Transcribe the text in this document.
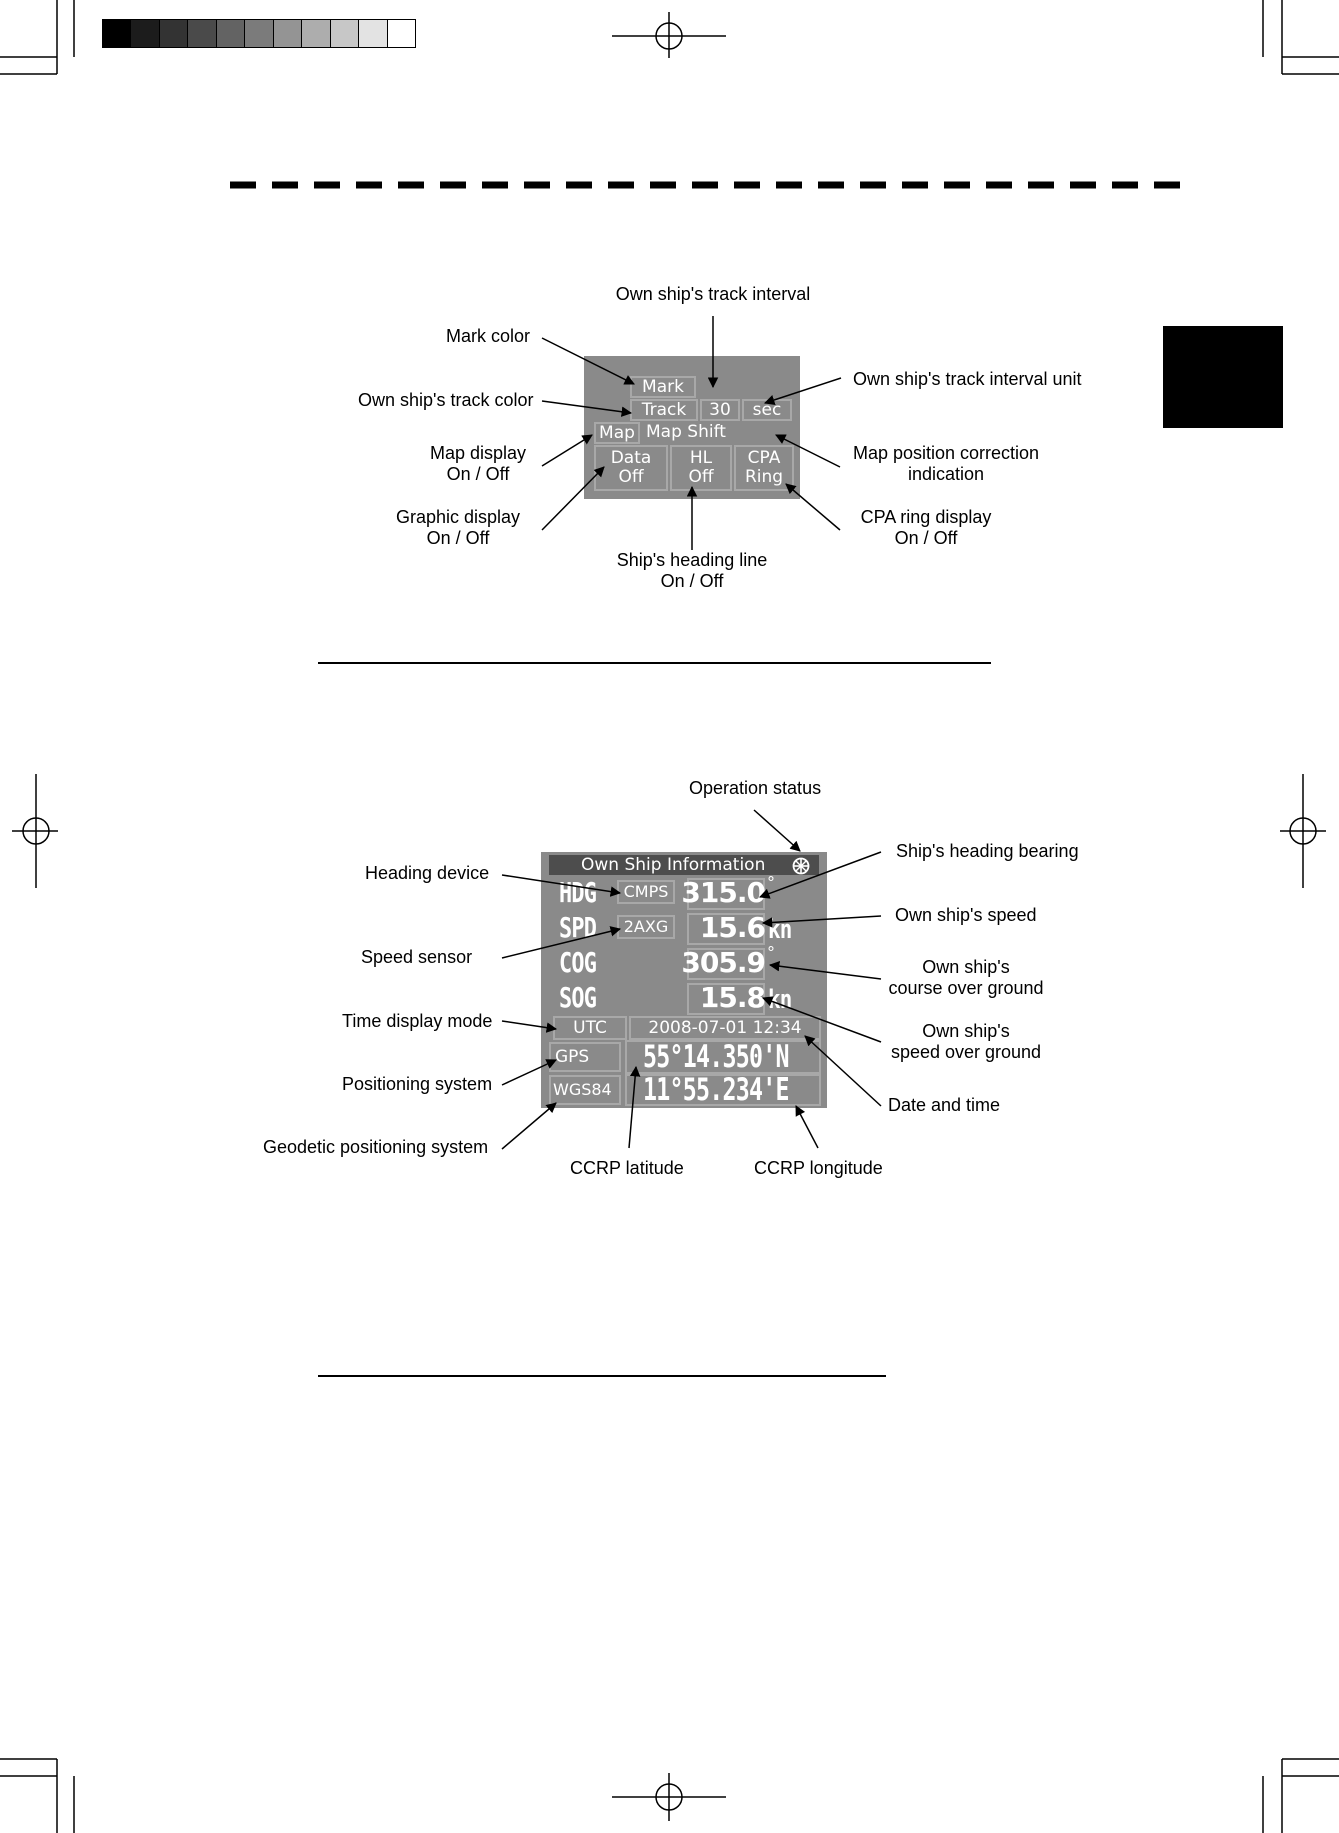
Mark
Track	30	sec
Map Map Shift
Data
Off
HL
Off
CPA
Ring
Own ship's track interval
Mark color
Own ship's track color
Own ship's track interval unit
Map display
On / Off
Map position correction
indication
Graphic display
On / Off
CPA ring display
On / Off
Ship's heading line
On / Off
Own Ship Information
HDG	CMPS 315.0 °
SPD	2AXG	15.6 kn
COG	305.9 °
SOG	15.8 kn
UTC	2008-07-01 12:34
GPS	55°14.350'N
WGS84 11°55.234'E
Operation status
Heading device
Ship's heading bearing
Own ship's speed
Speed sensor	Own ship's
course over ground
Time display mode	Own ship's
speed over ground
Positioning system
Date and time
Geodetic positioning system
CCRP latitude	CCRP longitude
